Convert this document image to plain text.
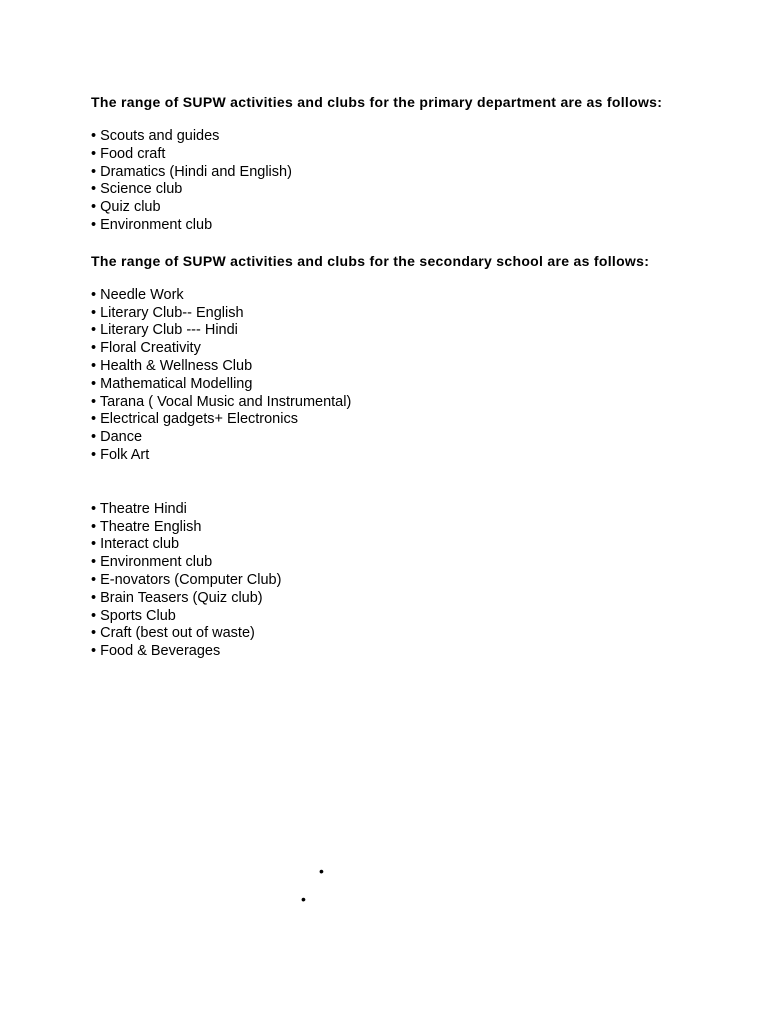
The range of SUPW activities and clubs for the primary department are as follows:

• Scouts and guides
• Food craft
• Dramatics (Hindi and English)
• Science club
• Quiz club
• Environment club

The range of SUPW activities and clubs for the secondary school are as follows:

• Needle Work
• Literary Club-- English
• Literary Club --- Hindi
• Floral Creativity
• Health & Wellness Club
• Mathematical Modelling
• Tarana ( Vocal Music and Instrumental)
• Electrical gadgets+ Electronics
• Dance
• Folk Art
• Theatre Hindi
• Theatre English
• Interact club
• Environment club
• E-novators (Computer Club)
• Brain Teasers (Quiz club)
• Sports Club
• Craft (best out of waste)
• Food & Beverages
•
•
